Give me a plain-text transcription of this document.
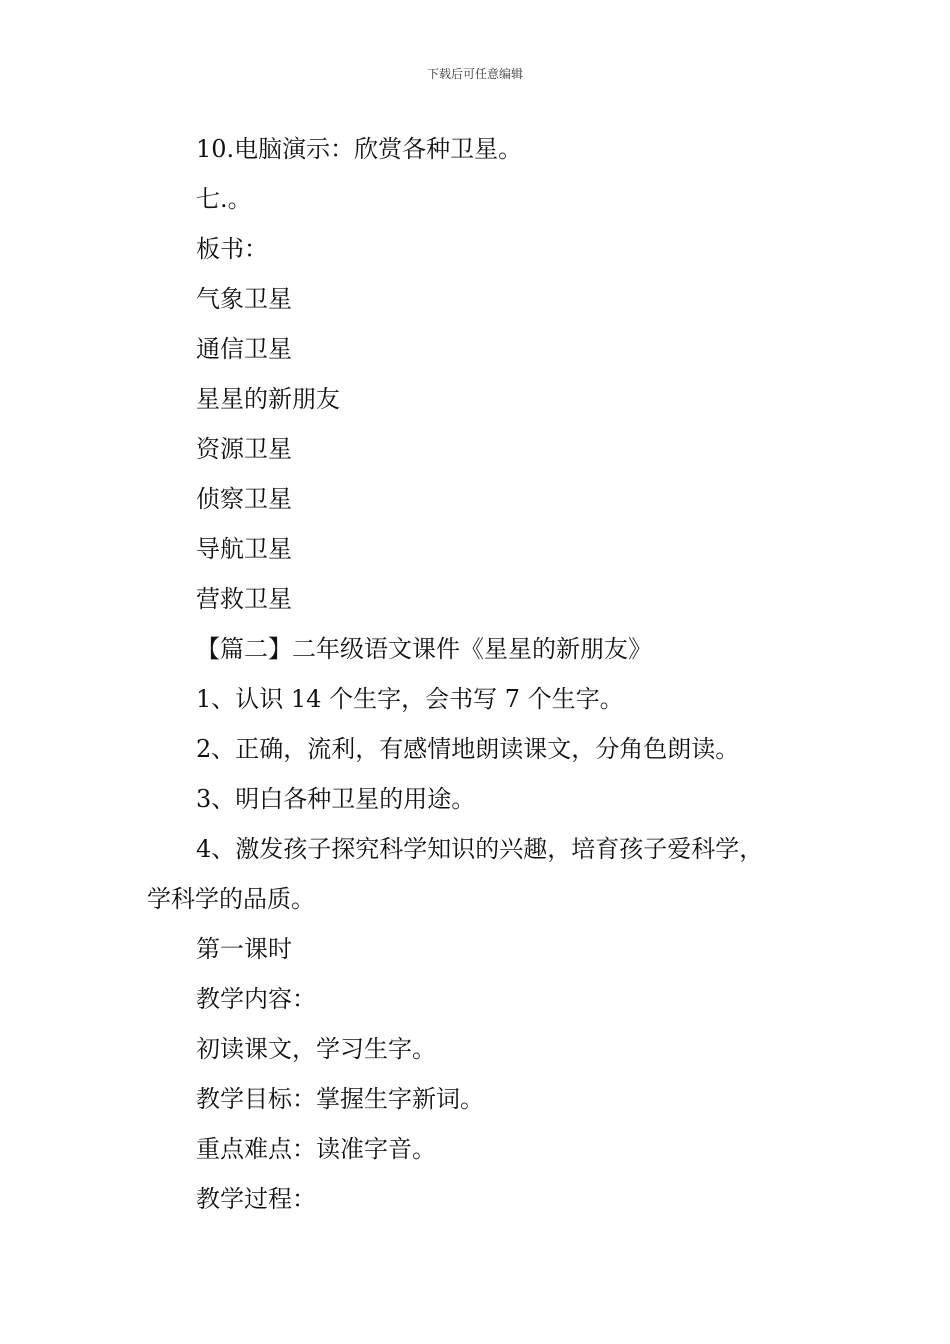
下载后可任意编辑
10.电脑演示：欣赏各种卫星。
七.。
板书：
气象卫星
通信卫星
星星的新朋友
资源卫星
侦察卫星
导航卫星
营救卫星
【篇二】二年级语文课件《星星的新朋友》
1、认识 14 个生字，会书写 7 个生字。
2、正确，流利，有感情地朗读课文，分角色朗读。
3、明白各种卫星的用途。
4、激发孩子探究科学知识的兴趣，培育孩子爱科学，
学科学的品质。
第一课时
教学内容：
初读课文，学习生字。
教学目标：掌握生字新词。
重点难点：读准字音。
教学过程：
